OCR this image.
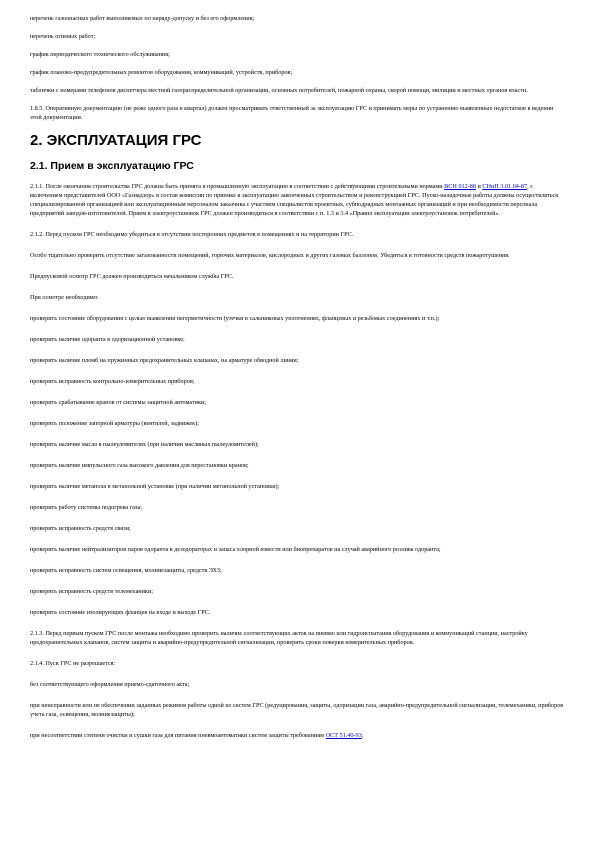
перечень газоопасных работ выполняемых по наряду-допуску и без его оформления;

перечень огневых работ;

график периодического технического обслуживания;

график планово-предупредительных ремонтов оборудования, коммуникаций, устройств, приборов;

таблички с номерами телефонов диспетчера местной газораспределительной организации, основных потребителей, пожарной охраны, скорой помощи, милиции и местных органов власти.

1.8.5. Оперативную документацию (не реже одного раза в квартал) должен просматривать ответственный за эксплуатацию ГРС и принимать меры по устранению выявленных недостатков в ведении этой документации.

2. ЭКСПЛУАТАЦИЯ ГРС
2.1. Прием в эксплуатацию ГРС

2.1.1. После окончания строительства ГРС должна быть принята в промышленную эксплуатацию в соответствии с действующими строительными нормами ВСН 012-88 и СНиП 3.01.04-87, с включением представителей ООО «Газнадзор» в состав комиссии по приемке в эксплуатацию законченных строительством и реконструкцией ГРС. Пуско-наладочные работы должны осуществляться специализированной организацией или эксплуатационным персоналом заказчика с участием специалистов проектных, субподрядных монтажных организаций и при необходимости персонала предприятий заводов-изготовителей. Прием в электроустановок ГРС должен производиться в соответствии с п. 1.3 и 3.4 «Правил эксплуатации электроустановок потребителей».

2.1.2. Перед пуском ГРС необходимо убедиться в отсутствии посторонних предметов в помещениях и на территории ГРС.

Особо тщательно проверить отсутствие загазованности помещений, горючих материалов, кислородных и других газовых баллонов. Убедиться в готовности средств пожаротушения.

Предпусковой осмотр ГРС должен производиться начальником службы ГРС.

При осмотре необходимо:

проверить состояние оборудования с целью выявления негерметичности (утечки в сальниковых уплотнениях, фланцевых и резьбовых соединениях и т.п.);

проверить наличие одоранта в одоризационной установке;

проверить наличие пломб на пружинных предохранительных клапанах, на арматуре обводной линии;

проверить исправность контрольно-измерительных приборов;

проверить срабатывание кранов от системы защитной автоматики;

проверить положение запорной арматуры (вентилей, задвижек);

проверить наличие масла в пылеуловителях (при наличии масляных пылеуловителей);

проверить наличие импульсного газа высокого давления для перестановки кранов;

проверить наличие метанола в метанольной установке (при наличии метанольной установки);

проверить работу системы подогрева газа;

проверить исправность средств связи;

проверить наличие нейтрализаторов паров одоранта в дезодораторах и запаса хлорной извести или биопрепаратов на случай аварийного розлива одоранта;

проверить исправность систем освещения, молниезащиты, средств ЭХЗ;

проверить исправность средств телемеханики;

проверить состояние изолирующих фланцев на входе и выходе ГРС.

2.1.3. Перед первым пуском ГРС после монтажа необходимо проверить наличие соответствующих актов на пневмо или гидроиспытания оборудования и коммуникаций станции, настройку предохранительных клапанов, систем защиты и аварийно-предупредительной сигнализации, проверить сроки поверки измерительных приборов.

2.1.4. Пуск ГРС не разрешается:

без соответствующего оформления приемо-сдаточного акта;

при неисправности или не обеспечении заданных режимов работы одной из систем ГРС (редуцирования, защиты, одоризации газа, аварийно-предупредительной сигнализации, телемеханики, приборов учета газа, освещения, молниезащиты);

при несоответствии степени очистки и сушки газа для питания пневмоавтоматики систем защиты требованиям ОСТ 51.40-93;
